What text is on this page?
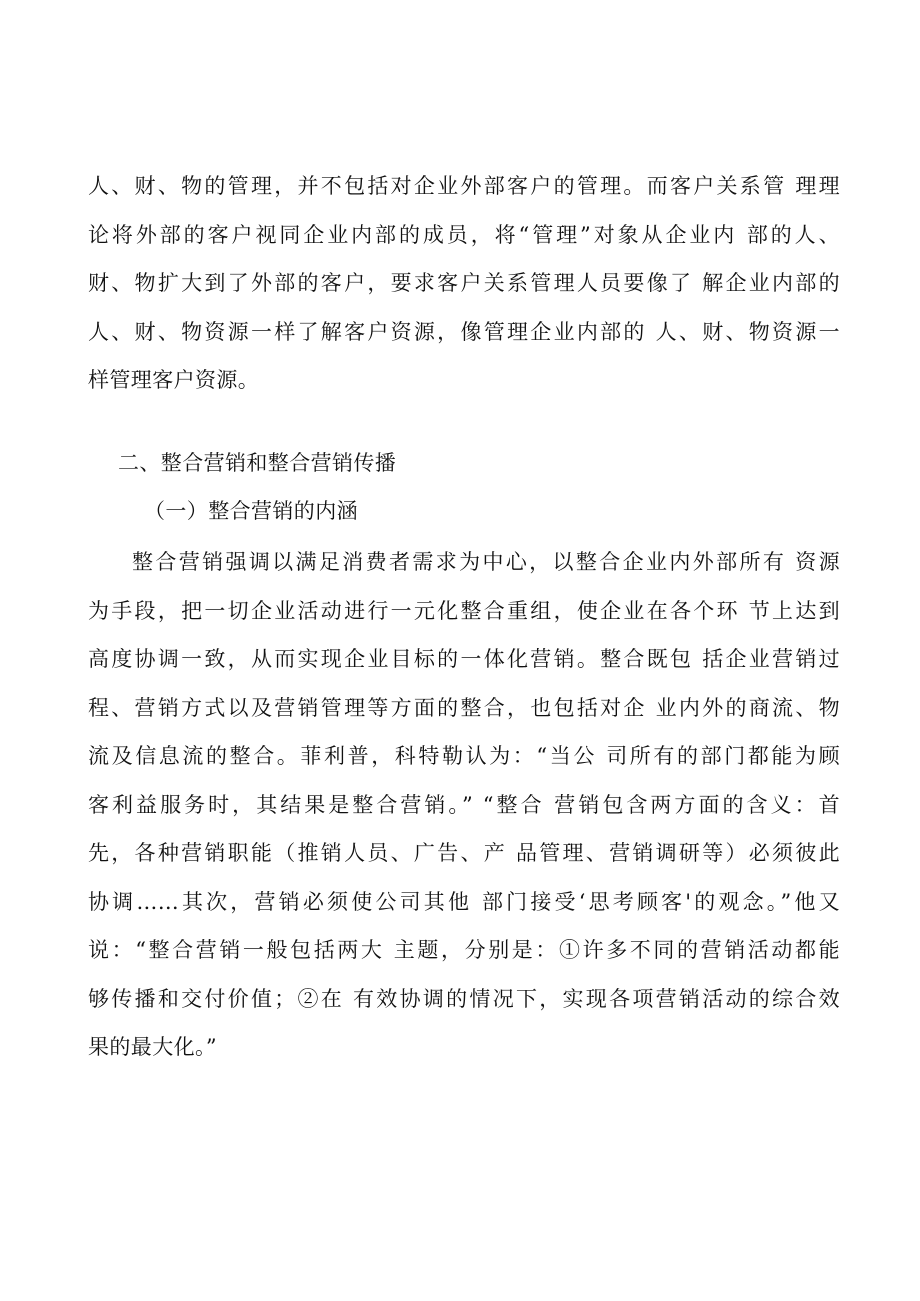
人、财、物的管理，并不包括对企业外部客户的管理。而客户关系管 理理
论将外部的客户视同企业内部的成员，将“管理”对象从企业内 部的人、
财、物扩大到了外部的客户，要求客户关系管理人员要像了 解企业内部的
人、财、物资源一样了解客户资源，像管理企业内部的 人、财、物资源一
样管理客户资源。
二、整合营销和整合营销传播
（一）整合营销的内涵
整合营销强调以满足消费者需求为中心，以整合企业内外部所有 资源
为手段，把一切企业活动进行一元化整合重组，使企业在各个环 节上达到
高度协调一致，从而实现企业目标的一体化营销。整合既包 括企业营销过
程、营销方式以及营销管理等方面的整合，也包括对企 业内外的商流、物
流及信息流的整合。菲利普，科特勒认为：“当公 司所有的部门都能为顾
客利益服务时，其结果是整合营销。” “整合 营销包含两方面的含义：首
先，各种营销职能（推销人员、广告、产 品管理、营销调研等）必须彼此
协调……其次，营销必须使公司其他 部门接受‘思考顾客'的观念。”他又
说：“整合营销一般包括两大 主题，分别是：①许多不同的营销活动都能
够传播和交付价值；②在 有效协调的情况下，实现各项营销活动的综合效
果的最大化。”
